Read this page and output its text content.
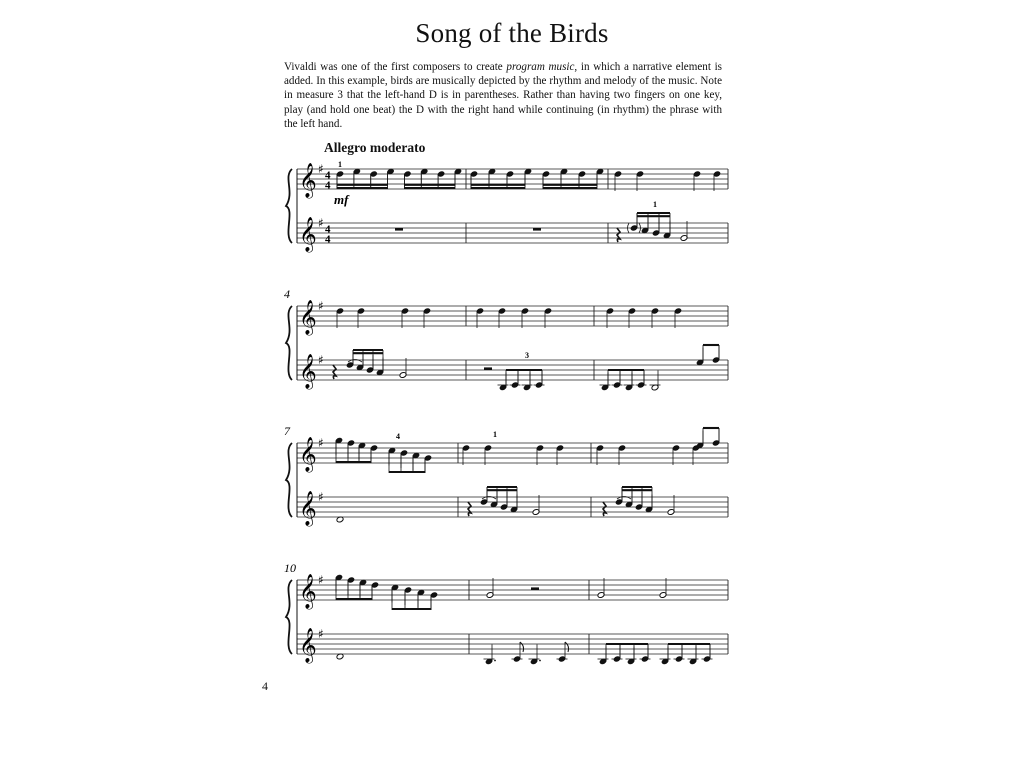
Song of the Birds

Vivaldi was one of the first composers to create program music, in which a narrative element is added. In this example, birds are musically depicted by the rhythm and melody of the music. Note in measure 3 that the left-hand D is in parentheses. Rather than having two fingers on one key, play (and hold one beat) the D with the right hand while continuing (in rhythm) the phrase with the left hand.

Allegro moderato

𝄞 ♯ 4
4
𝄞 ♯ 4
4
𝄞 ♯
𝄞 ♯
4
𝄞 ♯
𝄞 ♯
7
𝄞 ♯
𝄞 ♯
10
1
mf	1
3
4	1

4
